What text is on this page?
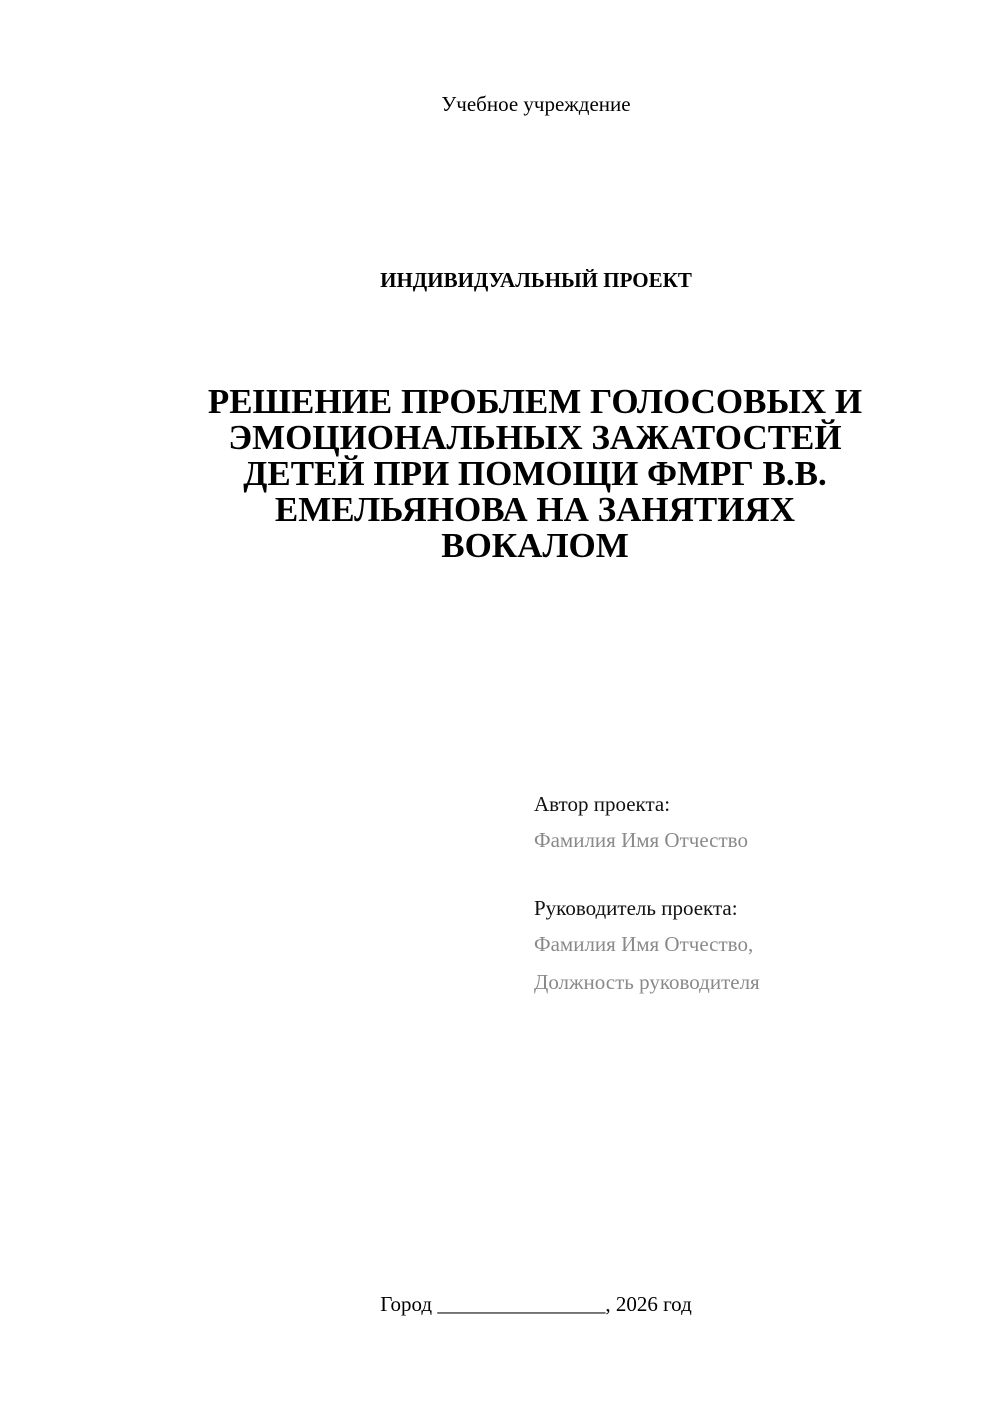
Учебное учреждение
ИНДИВИДУАЛЬНЫЙ ПРОЕКТ
РЕШЕНИЕ ПРОБЛЕМ ГОЛОСОВЫХ И
ЭМОЦИОНАЛЬНЫХ ЗАЖАТОСТЕЙ
ДЕТЕЙ ПРИ ПОМОЩИ ФМРГ В.В.
ЕМЕЛЬЯНОВА НА ЗАНЯТИЯХ
ВОКАЛОМ
Автор проекта:
Фамилия Имя Отчество
Руководитель проекта:
Фамилия Имя Отчество,
Должность руководителя
Город ________________, 2026 год
